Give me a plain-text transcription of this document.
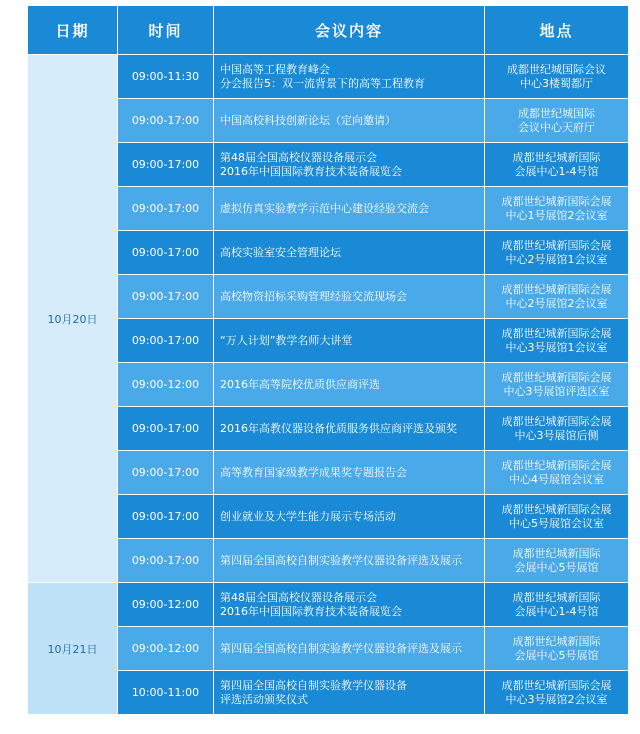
日期	时间	会议内容	地点
10月20日	09:00-11:30	中国高等工程教育峰会
分会报告5：双一流背景下的高等工程教育	成都世纪城国际会议
中心3楼蜀都厅

	09:00-17:00	中国高校科技创新论坛（定向邀请）	成都世纪城国际
会议中心天府厅

	09:00-17:00	第48届全国高校仪器设备展示会
2016年中国国际教育技术装备展览会	成都世纪城新国际
会展中心1-4号馆

	09:00-17:00	虚拟仿真实验教学示范中心建设经验交流会	成都世纪城新国际会展
中心1号展馆2会议室

	09:00-17:00	高校实验室安全管理论坛	成都世纪城新国际会展
中心2号展馆1会议室

	09:00-17:00	高校物资招标采购管理经验交流现场会	成都世纪城新国际会展
中心2号展馆2会议室

	09:00-17:00	“万人计划”教学名师大讲堂	成都世纪城新国际会展
中心3号展馆1会议室

	09:00-12:00	2016年高等院校优质供应商评选	成都世纪城新国际会展
中心3号展馆评选区室

	09:00-17:00	2016年高教仪器设备优质服务供应商评选及颁奖	成都世纪城新国际会展
中心3号展馆后侧

	09:00-17:00	高等教育国家级教学成果奖专题报告会	成都世纪城新国际会展
中心4号展馆会议室

	09:00-17:00	创业就业及大学生能力展示专场活动	成都世纪城新国际会展
中心5号展馆会议室

	09:00-17:00	第四届全国高校自制实验教学仪器设备评选及展示	成都世纪城新国际
会展中心5号展馆

10月21日	09:00-12:00	第48届全国高校仪器设备展示会
2016年中国国际教育技术装备展览会	成都世纪城新国际
会展中心1-4号馆

	09:00-12:00	第四届全国高校自制实验教学仪器设备评选及展示	成都世纪城新国际
会展中心5号展馆

	10:00-11:00	第四届全国高校自制实验教学仪器设备
评选活动颁奖仪式	成都世纪城新国际会展
中心3号展馆2会议室
